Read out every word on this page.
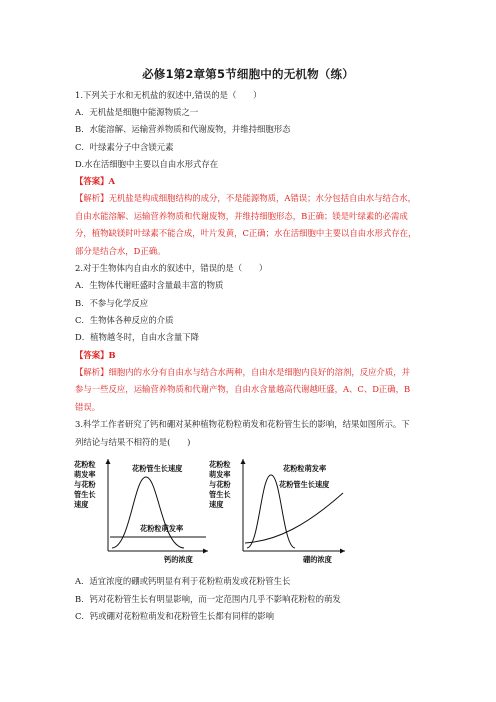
必修1第2章第5节细胞中的无机物（练）
1.下列关于水和无机盐的叙述中,错误的是（　　）
A．无机盐是细胞中能源物质之一
B．水能溶解、运输营养物质和代谢废物，并维持细胞形态
C．叶绿素分子中含镁元素
D.水在活细胞中主要以自由水形式存在
【答案】A
【解析】无机盐是构成细胞结构的成分，不是能源物质，A错误；水分包括自由水与结合水，
自由水能溶解、运输营养物质和代谢废物，并维持细胞形态，B正确；镁是叶绿素的必需成
分，植物缺镁时叶绿素不能合成，叶片发黄，C正确；水在活细胞中主要以自由水形式存在，
部分是结合水，D正确。
2.对于生物体内自由水的叙述中，错误的是（　　）
A．生物体代谢旺盛时含量最丰富的物质
B．不参与化学反应
C．生物体各种反应的介质
D．植物越冬时，自由水含量下降
【答案】B
【解析】细胞内的水分有自由水与结合水两种，自由水是细胞内良好的溶剂，反应介质，并
参与一些反应，运输营养物质和代谢产物，自由水含量越高代谢越旺盛，A、C、D正确，B
错误。
3.科学工作者研究了钙和硼对某种植物花粉粒萌发和花粉管生长的影响，结果如图所示。下
列结论与结果不相符的是(　　)
花粉粒
萌发率
与花粉
管生长
速度
花粉管生长速度
花粉粒萌发率
钙的浓度
花粉粒
萌发率
与花粉
管生长
速度
花粉粒萌发率
花粉管生长速度
硼的浓度
A．适宜浓度的硼或钙明显有利于花粉粒萌发或花粉管生长
B．钙对花粉管生长有明显影响，而一定范围内几乎不影响花粉粒的萌发
C．钙或硼对花粉粒萌发和花粉管生长都有同样的影响
